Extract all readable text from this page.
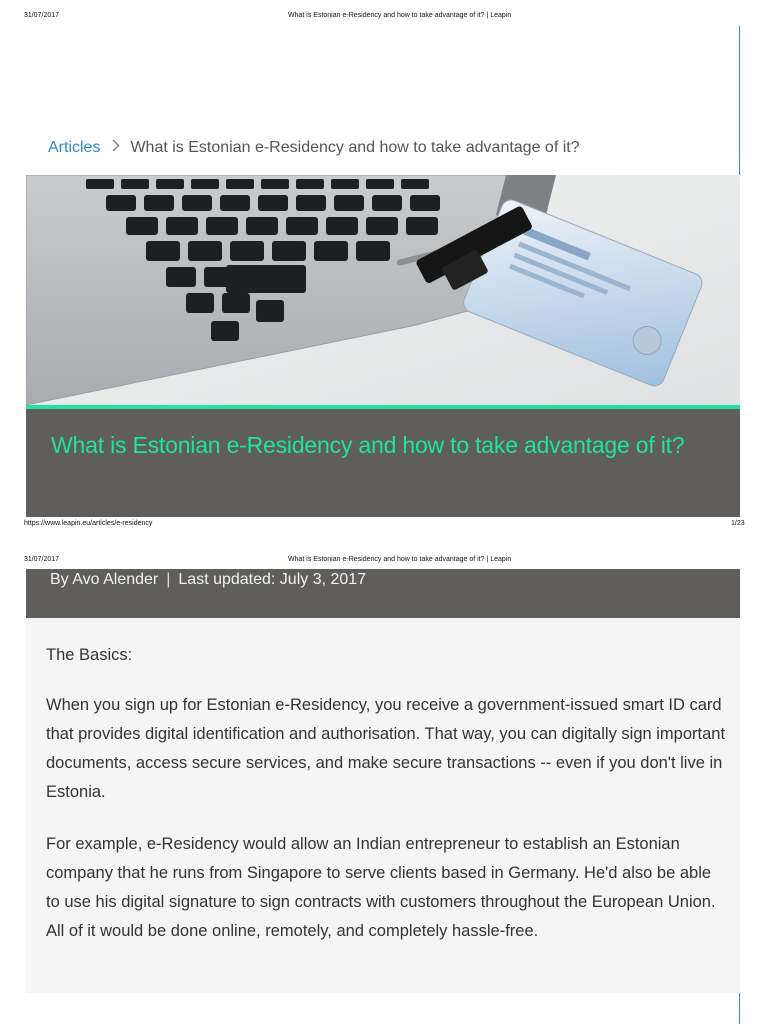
31/07/2017	What is Estonian e-Residency and how to take advantage of it? | Leapin
Articles What is Estonian e-Residency and how to take advantage of it?
What is Estonian e-Residency and how to take advantage of it?
https://www.leapin.eu/articles/e-residency	1/23
31/07/2017	What is Estonian e-Residency and how to take advantage of it? | Leapin
By Avo Alender | Last updated: July 3, 2017

The Basics:

When you sign up for Estonian e-Residency, you receive a government-issued smart ID card that provides digital identification and authorisation. That way, you can digitally sign important documents, access secure services, and make secure transactions -- even if you don't live in Estonia.

For example, e-Residency would allow an Indian entrepreneur to establish an Estonian company that he runs from Singapore to serve clients based in Germany. He'd also be able to use his digital signature to sign contracts with customers throughout the European Union. All of it would be done online, remotely, and completely hassle-free.
